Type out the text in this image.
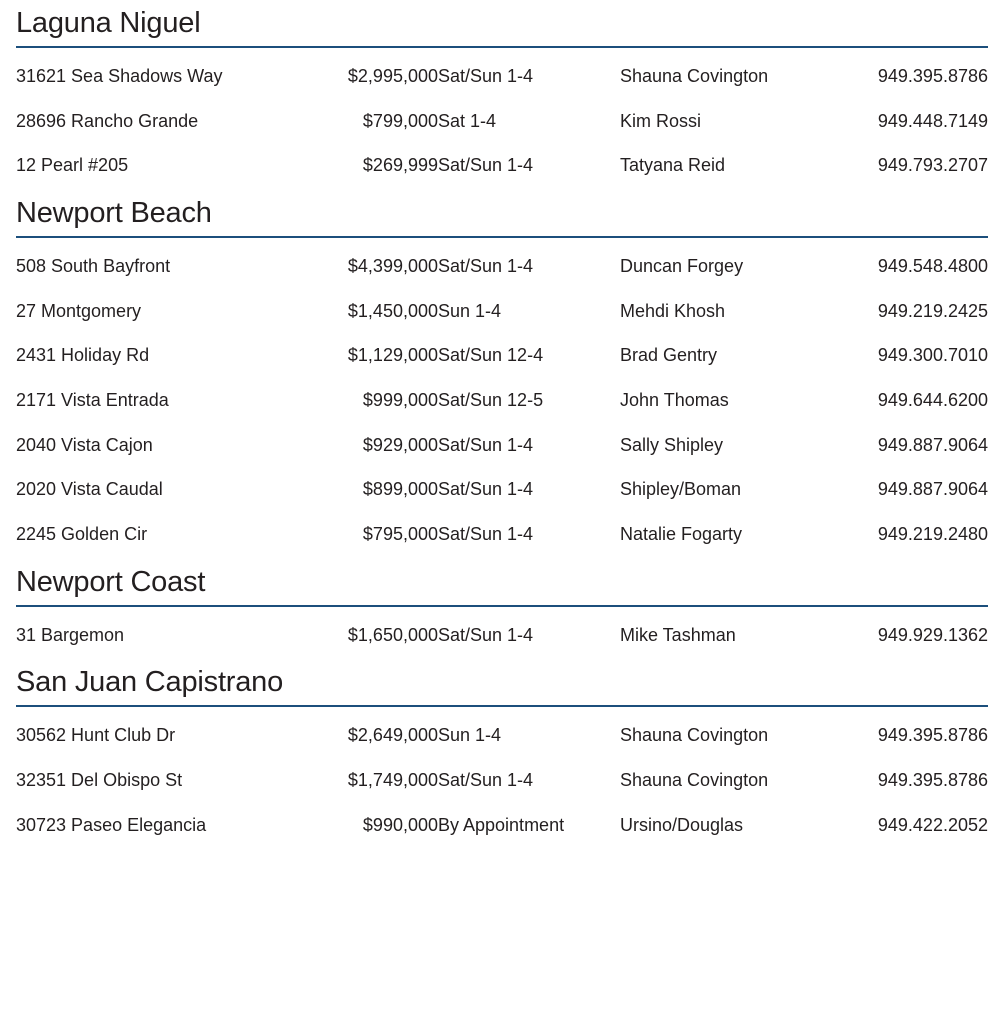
Laguna Niguel
31621 Sea Shadows Way	$2,995,000	Sat/Sun 1-4	Shauna Covington	949.395.8786
28696 Rancho Grande	$799,000	Sat 1-4	Kim Rossi	949.448.7149
12 Pearl #205	$269,999	Sat/Sun 1-4	Tatyana Reid	949.793.2707
Newport Beach
508 South Bayfront	$4,399,000	Sat/Sun 1-4	Duncan Forgey	949.548.4800
27 Montgomery	$1,450,000	Sun 1-4	Mehdi Khosh	949.219.2425
2431 Holiday Rd	$1,129,000	Sat/Sun 12-4	Brad Gentry	949.300.7010
2171 Vista Entrada	$999,000	Sat/Sun 12-5	John Thomas	949.644.6200
2040 Vista Cajon	$929,000	Sat/Sun 1-4	Sally Shipley	949.887.9064
2020 Vista Caudal	$899,000	Sat/Sun 1-4	Shipley/Boman	949.887.9064
2245 Golden Cir	$795,000	Sat/Sun 1-4	Natalie Fogarty	949.219.2480
Newport Coast
31 Bargemon	$1,650,000	Sat/Sun 1-4	Mike Tashman	949.929.1362
San Juan Capistrano
30562 Hunt Club Dr	$2,649,000	Sun 1-4	Shauna Covington	949.395.8786
32351 Del Obispo St	$1,749,000	Sat/Sun 1-4	Shauna Covington	949.395.8786
30723 Paseo Elegancia	$990,000	By Appointment	Ursino/Douglas	949.422.2052
